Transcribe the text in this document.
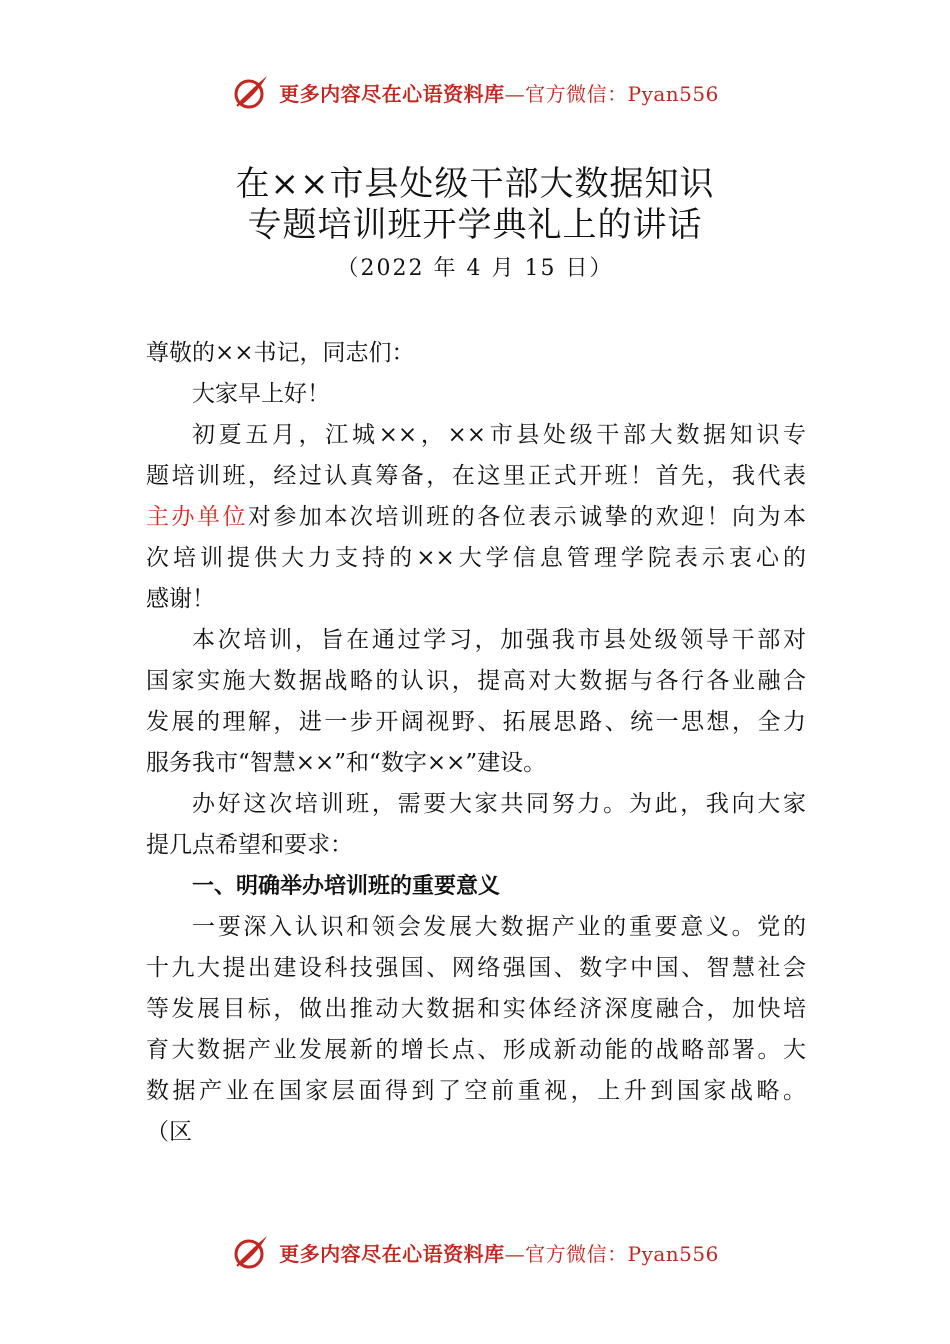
更多内容尽在心语资料库—官方微信：Pyan556
在××市县处级干部大数据知识
专题培训班开学典礼上的讲话
（2022 年 4 月 15 日）
尊敬的××书记，同志们：
大家早上好！
初夏五月，江城××，××市县处级干部大数据知识专
题培训班，经过认真筹备，在这里正式开班！首先，我代表
主办单位对参加本次培训班的各位表示诚挚的欢迎！向为本
次培训提供大力支持的××大学信息管理学院表示衷心的
感谢！
本次培训，旨在通过学习，加强我市县处级领导干部对
国家实施大数据战略的认识，提高对大数据与各行各业融合
发展的理解，进一步开阔视野、拓展思路、统一思想，全力
服务我市“智慧××”和“数字××”建设。
办好这次培训班，需要大家共同努力。为此，我向大家
提几点希望和要求：
一、明确举办培训班的重要意义
一要深入认识和领会发展大数据产业的重要意义。党的
十九大提出建设科技强国、网络强国、数字中国、智慧社会
等发展目标，做出推动大数据和实体经济深度融合，加快培
育大数据产业发展新的增长点、形成新动能的战略部署。大
数据产业在国家层面得到了空前重视，上升到国家战略。
（区
更多内容尽在心语资料库—官方微信：Pyan556
